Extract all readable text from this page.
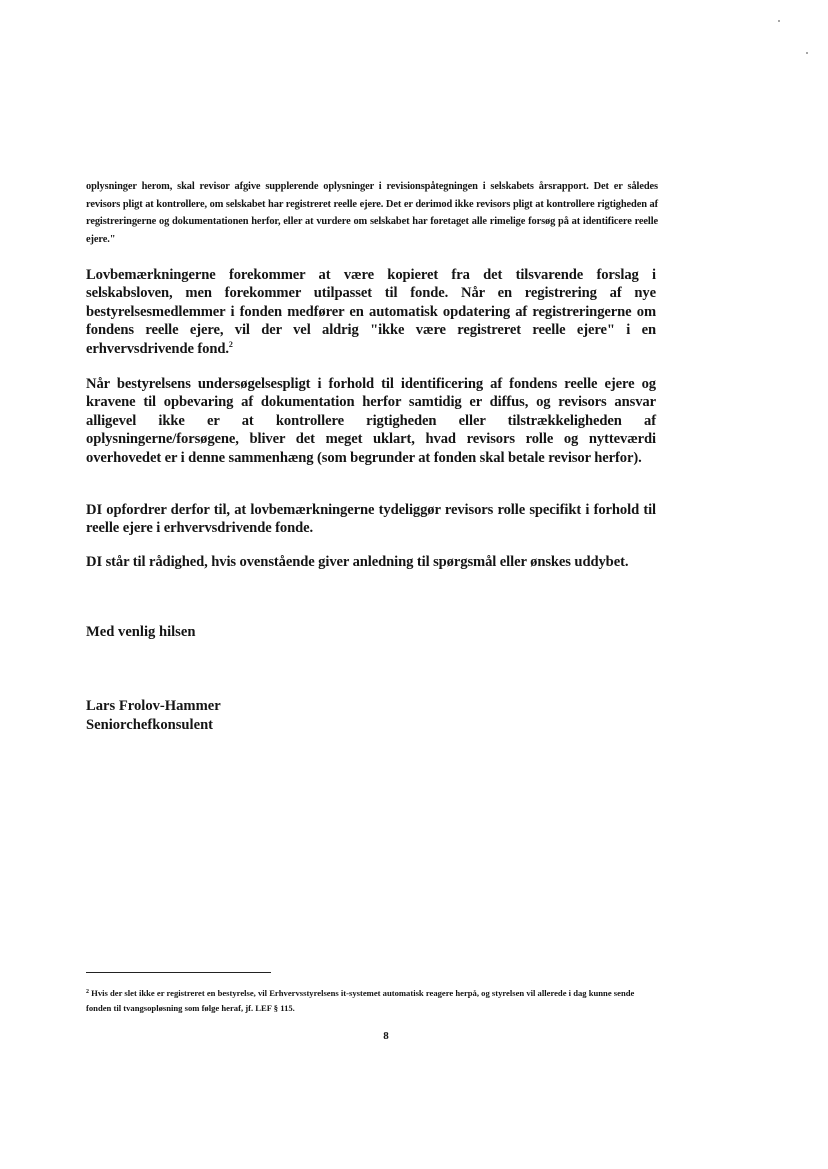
oplysninger herom, skal revisor afgive supplerende oplysninger i revisionspåtegningen i selskabets årsrapport. Det er således revisors pligt at kontrollere, om selskabet har registreret reelle ejere. Det er derimod ikke revisors pligt at kontrollere rigtigheden af registreringerne og dokumentationen herfor, eller at vurdere om selskabet har foretaget alle rimelige forsøg på at identificere reelle ejere."

Lovbemærkningerne forekommer at være kopieret fra det tilsvarende forslag i selskabsloven, men forekommer utilpasset til fonde. Når en registrering af nye bestyrelsesmedlemmer i fonden medfører en automatisk opdatering af registreringerne om fondens reelle ejere, vil der vel aldrig "ikke være registreret reelle ejere" i en erhvervsdrivende fond.$^2$

Når bestyrelsens undersøgelsespligt i forhold til identificering af fondens reelle ejere og kravene til opbevaring af dokumentation herfor samtidig er diffus, og revisors ansvar alligevel ikke er at kontrollere rigtigheden eller tilstrækkeligheden af oplysningerne/forsøgene, bliver det meget uklart, hvad revisors rolle og nytteværdi overhovedet er i denne sammenhæng (som begrunder at fonden skal betale revisor herfor).

DI opfordrer derfor til, at lovbemærkningerne tydeliggør revisors rolle specifikt i forhold til reelle ejere i erhvervsdrivende fonde.

DI står til rådighed, hvis ovenstående giver anledning til spørgsmål eller ønskes uddybet.

Med venlig hilsen
Lars Frolov-Hammer
Seniorchefkonsulent
$^2$ Hvis der slet ikke er registreret en bestyrelse, vil Erhvervsstyrelsens it-systemet automatisk reagere herpå, og styrelsen vil allerede i dag kunne sende fonden til tvangsopløsning som følge heraf, jf. LEF § 115.
8
